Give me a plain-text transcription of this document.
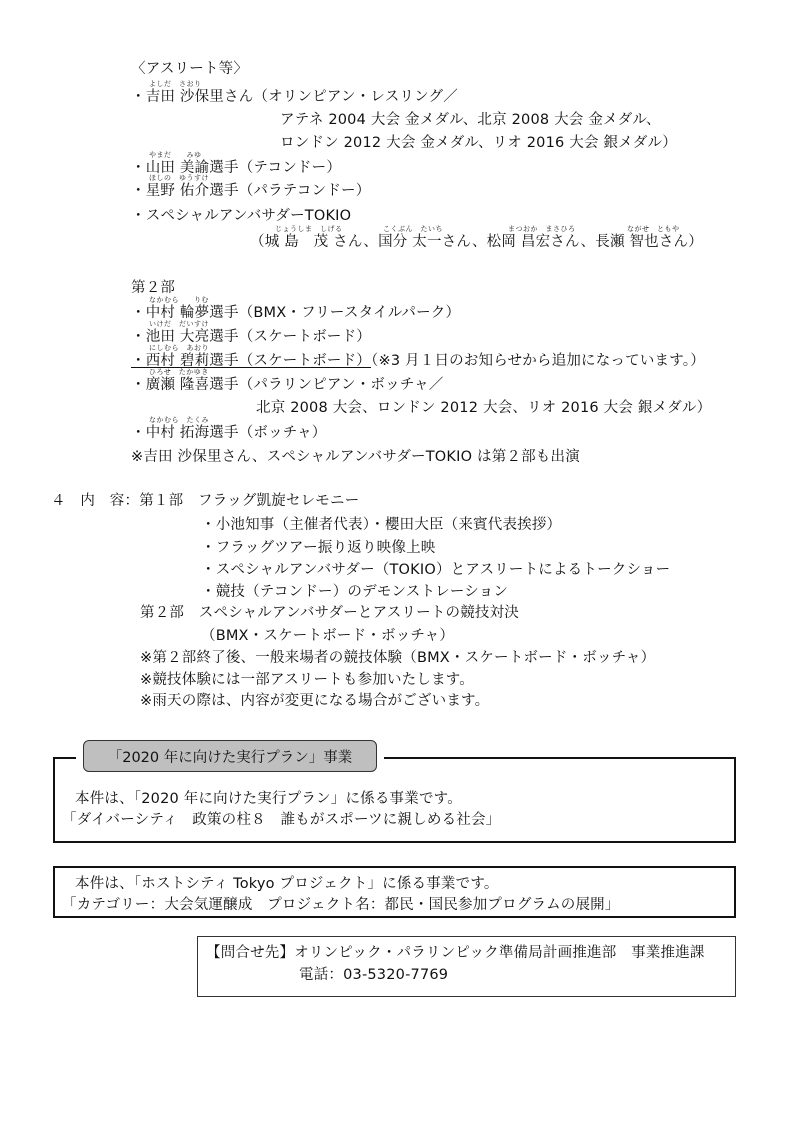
〈アスリート等〉
よしだ　さおり
・吉田 沙保里さん（オリンピアン・レスリング／
アテネ 2004 大会 金メダル、北京 2008 大会 金メダル、
ロンドン 2012 大会 金メダル、リオ 2016 大会 銀メダル）
やまだ　　みゆ
・山田 美諭選手（テコンドー）
ほしの　ゆうすけ
・星野 佑介選手（パラテコンドー）
・スペシャルアンバサダーTOKIO
じょうしま　しげる	こくぶん　たいち	まつおか　まさひろ	ながせ　ともや
（城 島　茂 さん、国分 太一さん、松岡 昌宏さん、長瀬 智也さん）
第２部
なかむら　　りむ
・中村 輪夢選手（BMX・フリースタイルパーク）
いけだ　だいすけ
・池田 大亮選手（スケートボード）
にしむら　あおり
・西村 碧莉選手（スケートボード）（※3 月１日のお知らせから追加になっています。）
ひろせ　たかゆき
・廣瀬 隆喜選手（パラリンピアン・ボッチャ／
北京 2008 大会、ロンドン 2012 大会、リオ 2016 大会 銀メダル）
なかむら　たくみ
・中村 拓海選手（ボッチャ）
※吉田 沙保里さん、スペシャルアンバサダーTOKIO は第２部も出演
４　内　容：第１部　フラッグ凱旋セレモニー
・小池知事（主催者代表）・櫻田大臣（来賓代表挨拶）
・フラッグツアー振り返り映像上映
・スペシャルアンバサダー（TOKIO）とアスリートによるトークショー
・競技（テコンドー）のデモンストレーション
第２部　スペシャルアンバサダーとアスリートの競技対決
（BMX・スケートボード・ボッチャ）
※第２部終了後、一般来場者の競技体験（BMX・スケートボード・ボッチャ）
※競技体験には一部アスリートも参加いたします。
※雨天の際は、内容が変更になる場合がございます。
「2020 年に向けた実行プラン」事業
本件は、「2020 年に向けた実行プラン」に係る事業です。
「ダイバーシティ　政策の柱８　誰もがスポーツに親しめる社会」
本件は、「ホストシティ Tokyo プロジェクト」に係る事業です。
「カテゴリー：大会気運醸成　プロジェクト名：都民・国民参加プログラムの展開」
【問合せ先】オリンピック・パラリンピック準備局計画推進部　事業推進課
電話：03-5320-7769
